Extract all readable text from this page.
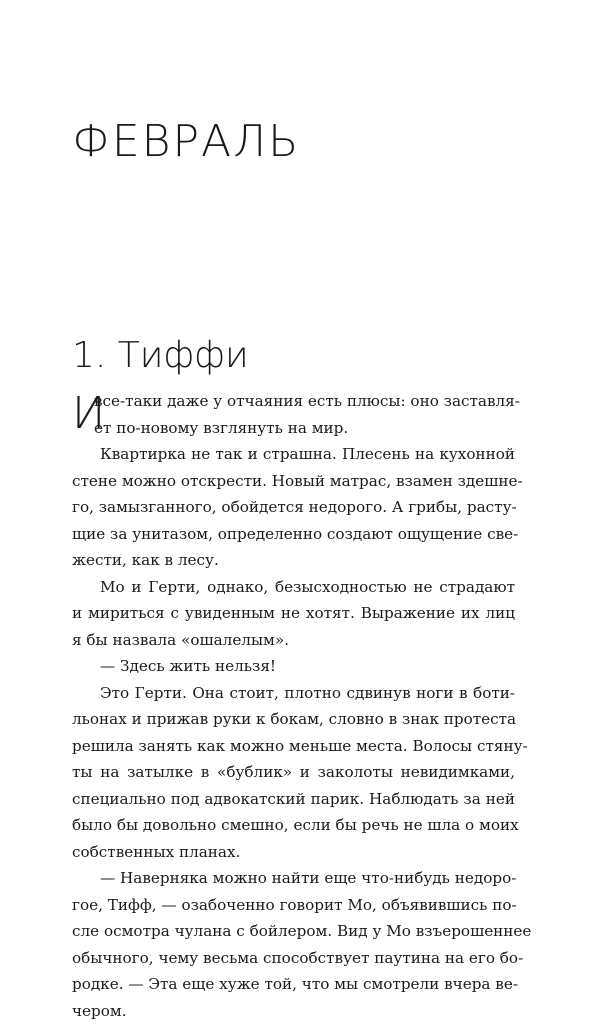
ФЕВРАЛЬ
1. Тиффи
И
все-таки даже у отчаяния есть плюсы: оно заставля-
ет по-новому взглянуть на мир.
Квартирка не так и страшна. Плесень на кухонной
стене можно отскрести. Новый матрас, взамен здешне-
го, замызганного, обойдется недорого. А грибы, расту-
щие за унитазом, определенно создают ощущение све-
жести, как в лесу.
Мо и Герти, однако, безысходностью не страдают
и мириться с увиденным не хотят. Выражение их лиц
я бы назвала «ошалелым».
— Здесь жить нельзя!
Это Герти. Она стоит, плотно сдвинув ноги в боти-
льонах и прижав руки к бокам, словно в знак протеста
решила занять как можно меньше места. Волосы стяну-
ты на затылке в «бублик» и заколоты невидимками,
специально под адвокатский парик. Наблюдать за ней
было бы довольно смешно, если бы речь не шла о моих
собственных планах.
— Наверняка можно найти еще что-нибудь недоро-
гое, Тифф, — озабоченно говорит Мо, объявившись по-
сле осмотра чулана с бойлером. Вид у Мо взъерошеннее
обычного, чему весьма способствует паутина на его бо-
родке. — Эта еще хуже той, что мы смотрели вчера ве-
чером.
